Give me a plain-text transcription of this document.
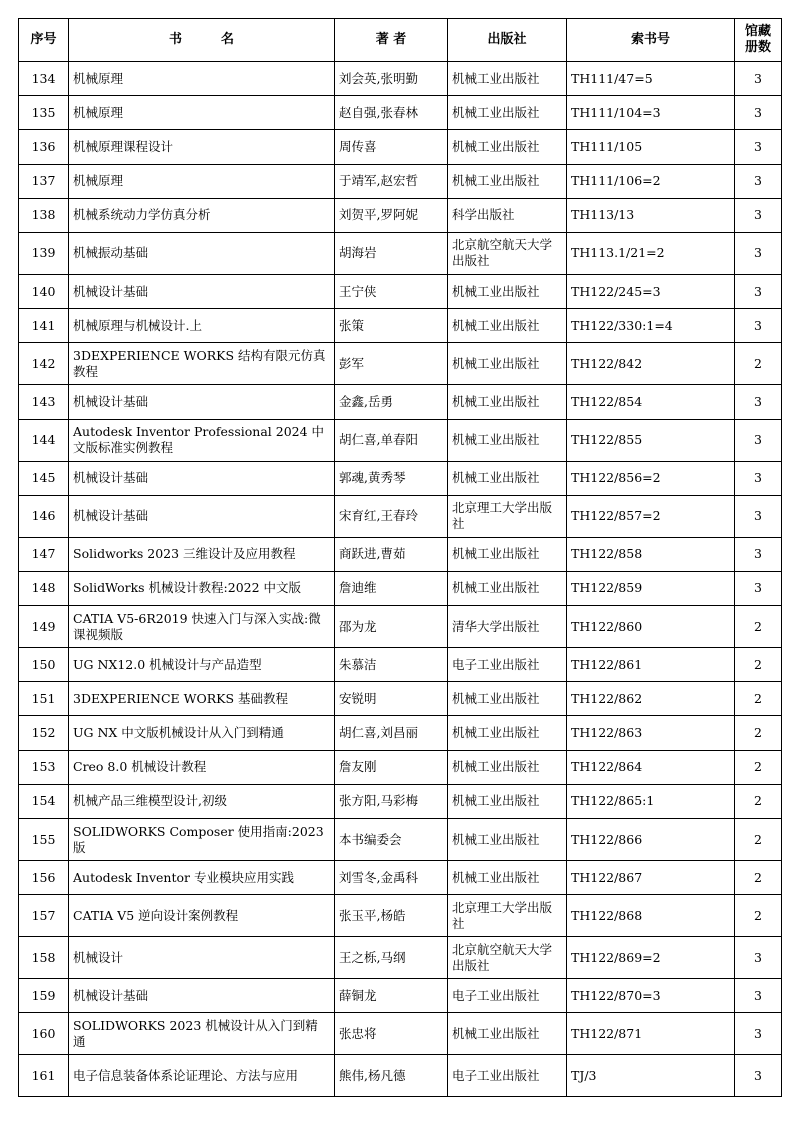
序号	书　　　名	著 者	出版社	索书号	馆藏册数
134	机械原理	刘会英,张明勤	机械工业出版社	TH111/47=5	3
135	机械原理	赵自强,张春林	机械工业出版社	TH111/104=3	3
136	机械原理课程设计	周传喜	机械工业出版社	TH111/105	3
137	机械原理	于靖军,赵宏哲	机械工业出版社	TH111/106=2	3
138	机械系统动力学仿真分析	刘贺平,罗阿妮	科学出版社	TH113/13	3
139	机械振动基础	胡海岩	北京航空航天大学出版社	TH113.1/21=2	3
140	机械设计基础	王宁侠	机械工业出版社	TH122/245=3	3
141	机械原理与机械设计.上	张策	机械工业出版社	TH122/330:1=4	3
142	3DEXPERIENCE WORKS 结构有限元仿真教程	彭军	机械工业出版社	TH122/842	2
143	机械设计基础	金鑫,岳勇	机械工业出版社	TH122/854	3
144	Autodesk Inventor Professional 2024 中文版标准实例教程	胡仁喜,单春阳	机械工业出版社	TH122/855	3
145	机械设计基础	郭魂,黄秀琴	机械工业出版社	TH122/856=2	3
146	机械设计基础	宋育红,王春玲	北京理工大学出版社	TH122/857=2	3
147	Solidworks 2023 三维设计及应用教程	商跃进,曹茹	机械工业出版社	TH122/858	3
148	SolidWorks 机械设计教程:2022 中文版	詹迪维	机械工业出版社	TH122/859	3
149	CATIA V5-6R2019 快速入门与深入实战:微课视频版	邵为龙	清华大学出版社	TH122/860	2
150	UG NX12.0 机械设计与产品造型	朱慕洁	电子工业出版社	TH122/861	2
151	3DEXPERIENCE WORKS 基础教程	安锐明	机械工业出版社	TH122/862	2
152	UG NX 中文版机械设计从入门到精通	胡仁喜,刘昌丽	机械工业出版社	TH122/863	2
153	Creo 8.0 机械设计教程	詹友刚	机械工业出版社	TH122/864	2
154	机械产品三维模型设计,初级	张方阳,马彩梅	机械工业出版社	TH122/865:1	2
155	SOLIDWORKS Composer 使用指南:2023 版	本书编委会	机械工业出版社	TH122/866	2
156	Autodesk Inventor 专业模块应用实践	刘雪冬,金禹科	机械工业出版社	TH122/867	2
157	CATIA V5 逆向设计案例教程	张玉平,杨皓	北京理工大学出版社	TH122/868	2
158	机械设计	王之栎,马纲	北京航空航天大学出版社	TH122/869=2	3
159	机械设计基础	薛铜龙	电子工业出版社	TH122/870=3	3
160	SOLIDWORKS 2023 机械设计从入门到精通	张忠将	机械工业出版社	TH122/871	3
161	电子信息装备体系论证理论、方法与应用	熊伟,杨凡德	电子工业出版社	TJ/3	3
